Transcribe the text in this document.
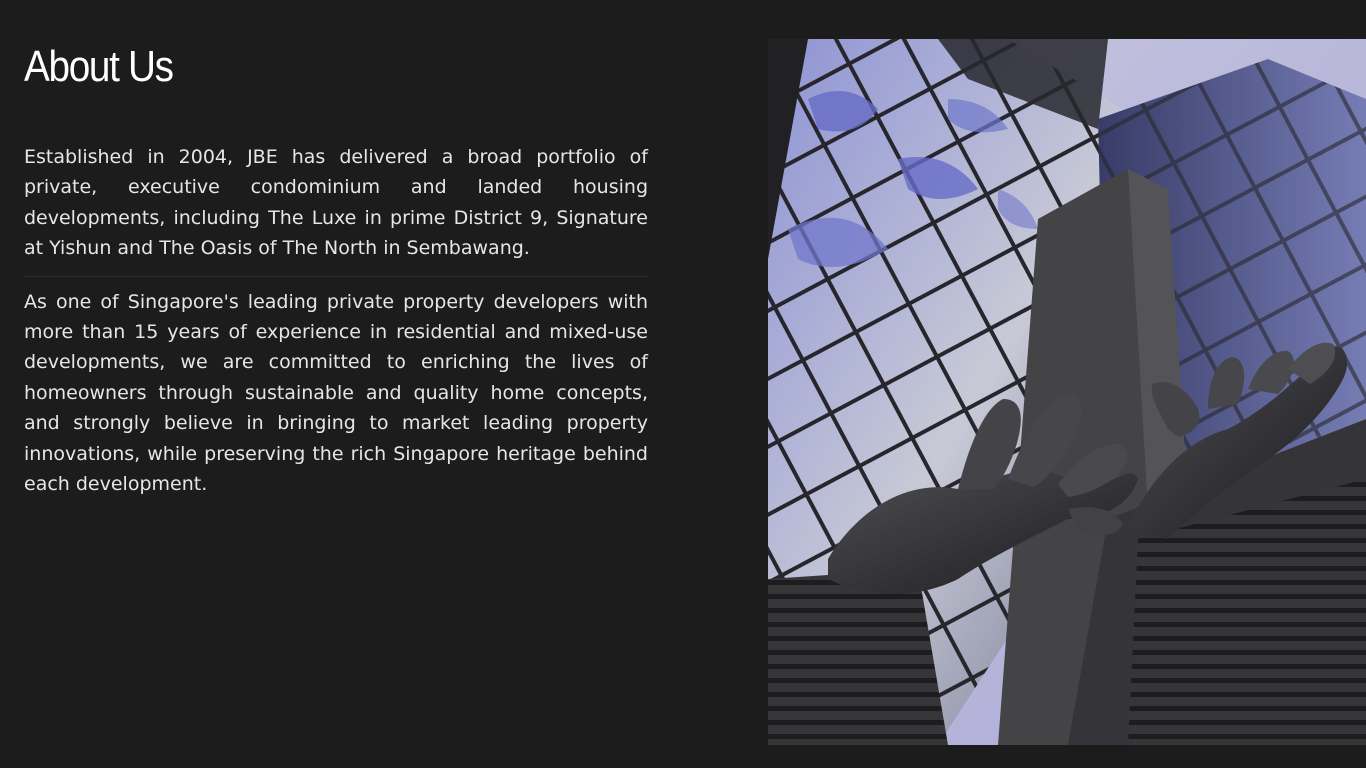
About Us

Established in 2004, JBE has delivered a broad portfolio of private, executive condominium and landed housing developments, including The Luxe in prime District 9, Signature at Yishun and The Oasis of The North in Sembawang.

As one of Singapore's leading private property developers with more than 15 years of experience in residential and mixed-use developments, we are committed to enriching the lives of homeowners through sustainable and quality home concepts, and strongly believe in bringing to market leading property innovations, while preserving the rich Singapore heritage behind each development.
